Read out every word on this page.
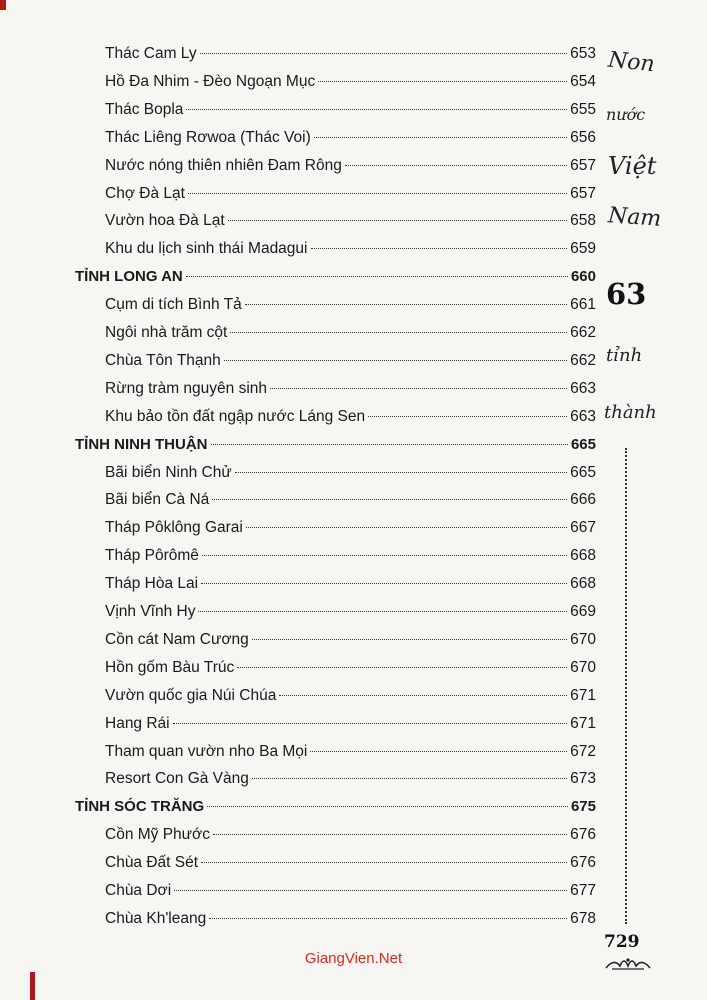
Thác Cam Ly	653
Hồ Đa Nhim - Đèo Ngoạn Mục	654
Thác Bopla	655
Thác Liêng Rơwoa (Thác Voi)	656
Nước nóng thiên nhiên Đam Rông	657
Chợ Đà Lạt	657
Vườn hoa Đà Lạt	658
Khu du lịch sinh thái Madagui	659
TỈNH LONG AN	660
Cụm di tích Bình Tả	661
Ngôi nhà trăm cột	662
Chùa Tôn Thạnh	662
Rừng tràm nguyên sinh	663
Khu bảo tồn đất ngập nước Láng Sen	663
TỈNH NINH THUẬN	665
Bãi biển Ninh Chử	665
Bãi biển Cà Ná	666
Tháp Pôklông Garai	667
Tháp Pôrômê	668
Tháp Hòa Lai	668
Vịnh Vĩnh Hy	669
Cồn cát Nam Cương	670
Hồn gốm Bàu Trúc	670
Vườn quốc gia Núi Chúa	671
Hang Rái	671
Tham quan vườn nho Ba Mọi	672
Resort Con Gà Vàng	673
TỈNH SÓC TRĂNG	675
Cồn Mỹ Phước	676
Chùa Đất Sét	676
Chùa Dơi	677
Chùa Kh'leang	678
Non
nước
Việt
Nam
63
tỉnh
thành
729
GiangVien.Net
